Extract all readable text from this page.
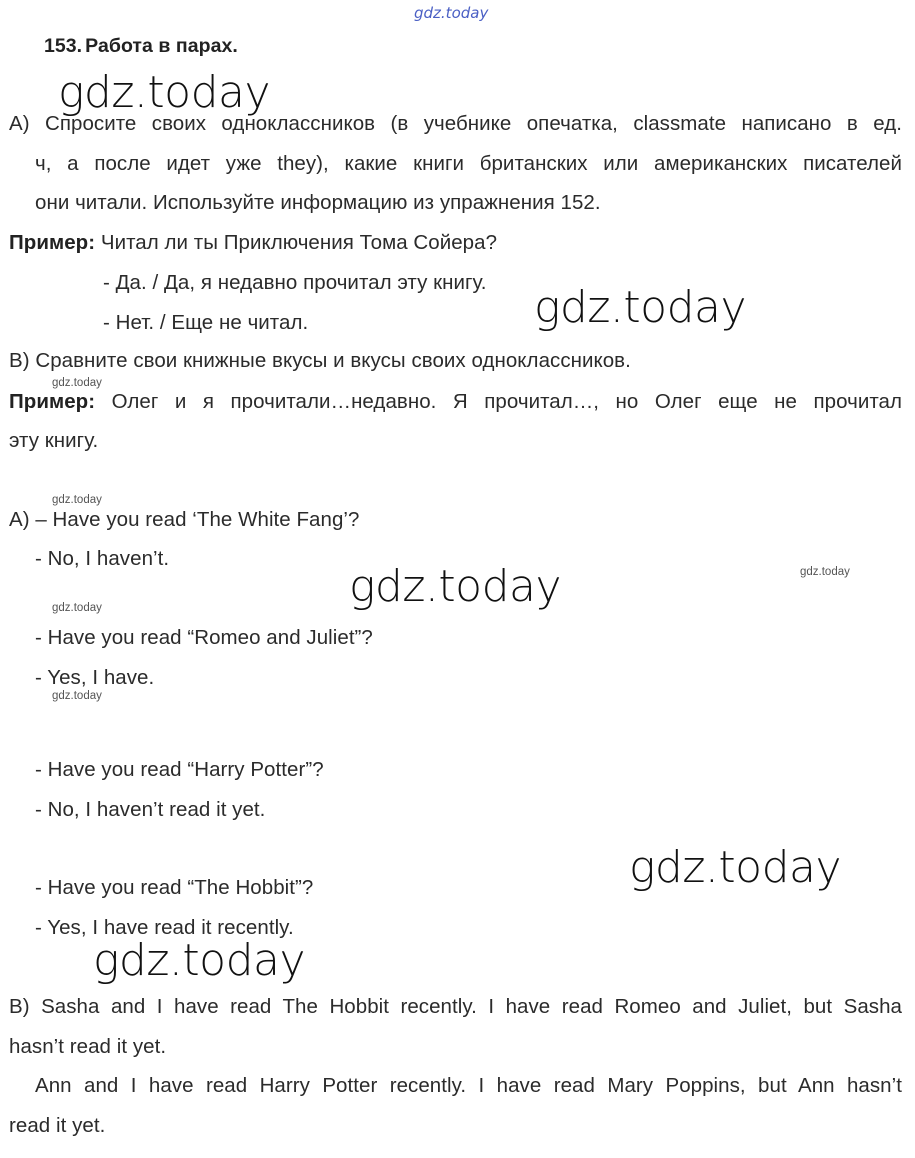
gdz.today
153. Работа в парах.
gdz.today
А) Спросите своих одноклассников (в учебнике опечатка, classmate написано в ед.
ч, а после идет уже they), какие книги британских или американских писателей
они читали. Используйте информацию из упражнения 152.
Пример: Читал ли ты Приключения Тома Сойера?
- Да. / Да, я недавно прочитал эту книгу.
- Нет. / Еще не читал.	gdz.today
В) Сравните свои книжные вкусы и вкусы своих одноклассников.
gdz.today
Пример: Олег и я прочитали…недавно. Я прочитал…, но Олег еще не прочитал
эту книгу.
gdz.today
A) – Have you read ‘The White Fang’?
- No, I haven’t.
gdz.today	gdz.today
gdz.today
- Have you read “Romeo and Juliet”?
- Yes, I have.
gdz.today
- Have you read “Harry Potter”?
- No, I haven’t read it yet.
gdz.today
- Have you read “The Hobbit”?
- Yes, I have read it recently.
gdz.today
B) Sasha and I have read The Hobbit recently. I have read Romeo and Juliet, but Sasha
hasn’t read it yet.
Ann and I have read Harry Potter recently. I have read Mary Poppins, but Ann hasn’t
read it yet.
